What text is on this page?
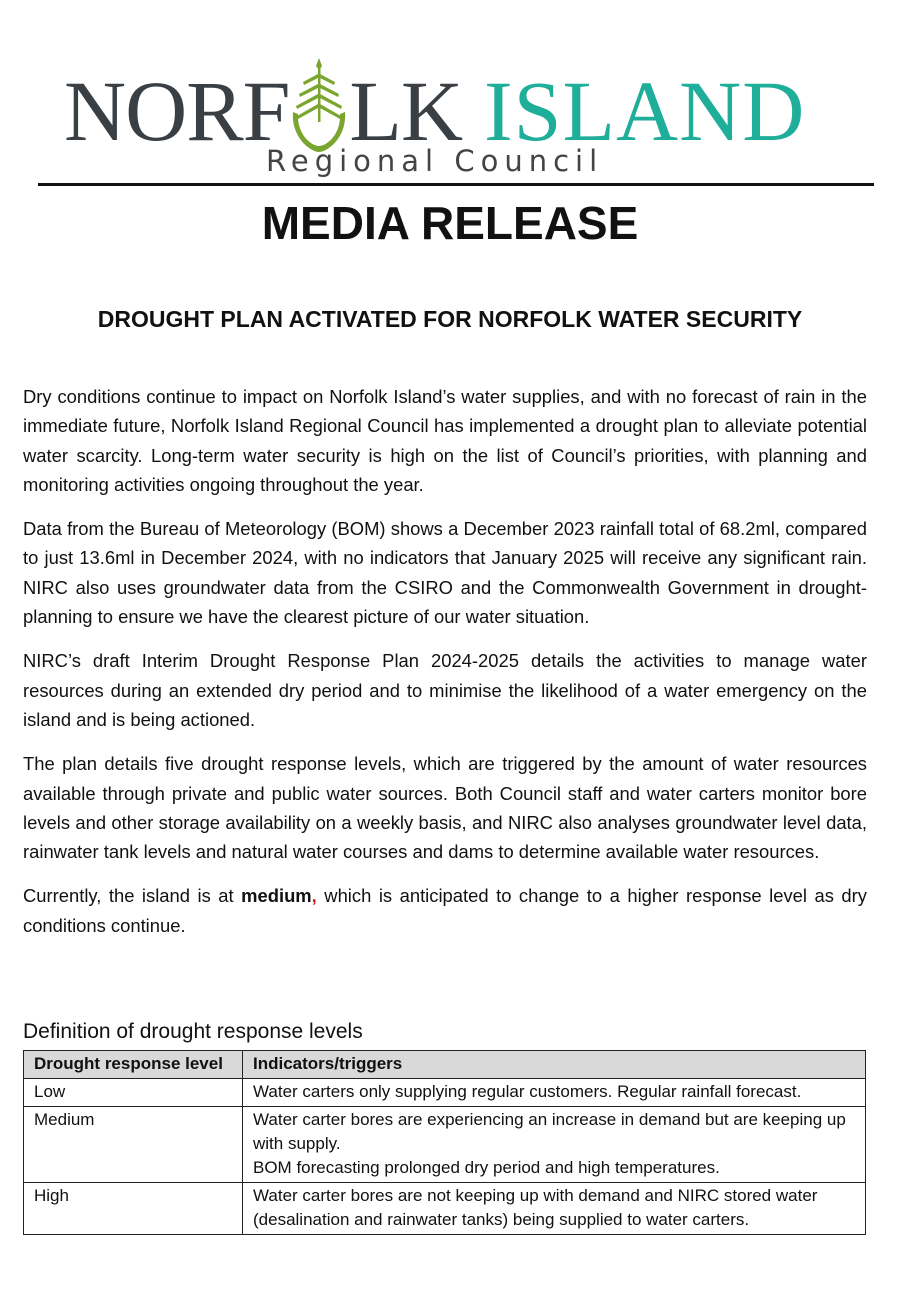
NORF LK ISLAND
Regional Council
MEDIA RELEASE
DROUGHT PLAN ACTIVATED FOR NORFOLK WATER SECURITY

Dry conditions continue to impact on Norfolk Island’s water supplies, and with no forecast of rain in the immediate future, Norfolk Island Regional Council has implemented a drought plan to alleviate potential water scarcity. Long-term water security is high on the list of Council’s priorities, with planning and monitoring activities ongoing throughout the year.

Data from the Bureau of Meteorology (BOM) shows a December 2023 rainfall total of 68.2ml, compared to just 13.6ml in December 2024, with no indicators that January 2025 will receive any significant rain. NIRC also uses groundwater data from the CSIRO and the Commonwealth Government in drought-planning to ensure we have the clearest picture of our water situation.

NIRC’s draft Interim Drought Response Plan 2024-2025 details the activities to manage water resources during an extended dry period and to minimise the likelihood of a water emergency on the island and is being actioned.

The plan details five drought response levels, which are triggered by the amount of water resources available through private and public water sources. Both Council staff and water carters monitor bore levels and other storage availability on a weekly basis, and NIRC also analyses groundwater level data, rainwater tank levels and natural water courses and dams to determine available water resources.

Currently, the island is at medium, which is anticipated to change to a higher response level as dry conditions continue.

Definition of drought response levels
Drought response level	Indicators/triggers
Low	Water carters only supplying regular customers. Regular rainfall forecast.

Medium	Water carter bores are experiencing an increase in demand but are keeping up with supply.
BOM forecasting prolonged dry period and high temperatures.

High	Water carter bores are not keeping up with demand and NIRC stored water (desalination and rainwater tanks) being supplied to water carters.
